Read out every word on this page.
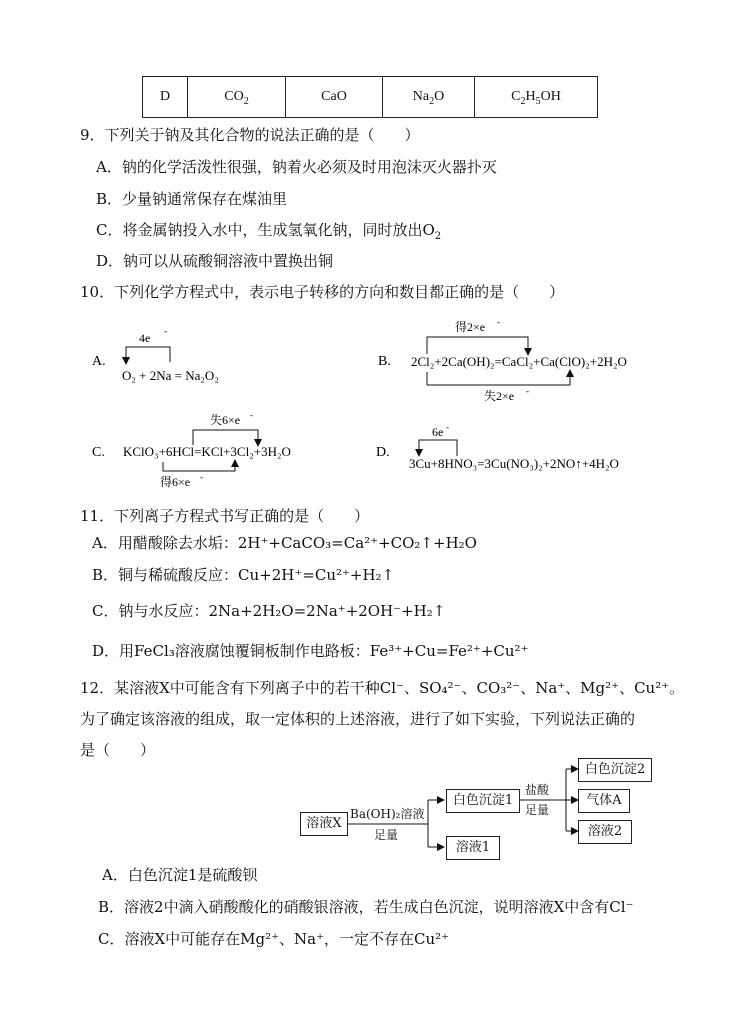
D	$CO_2$	CaO	$Na_2O$	$C_2H_5OH$
9．下列关于钠及其化合物的说法正确的是（　　）
A．钠的化学活泼性很强，钠着火必须及时用泡沫灭火器扑灭
B．少量钠通常保存在煤油里
C．将金属钠投入水中，生成氢氧化钠，同时放出$O_2$
D．钠可以从硫酸铜溶液中置换出铜
10．下列化学方程式中，表示电子转移的方向和数目都正确的是（　　）
A.
4e -
O₂ + 2Na = Na₂O₂
B.
得2×e -
2Cl₂+2Ca(OH)₂=CaCl₂+Ca(ClO)₂+2H₂O
失2×e -
C.
失6×e -
KClO₃+6HCl=KCl+3Cl₂+3H₂O
得6×e -
D.
6e -
3Cu+8HNO₃=3Cu(NO₃)₂+2NO↑+4H₂O
11．下列离子方程式书写正确的是（　　）
A．用醋酸除去水垢：2H⁺+CaCO₃=Ca²⁺+CO₂↑+H₂O
B．铜与稀硫酸反应：Cu+2H⁺=Cu²⁺+H₂↑
C．钠与水反应：2Na+2H₂O=2Na⁺+2OH⁻+H₂↑
D．用FeCl₃溶液腐蚀覆铜板制作电路板：Fe³⁺+Cu=Fe²⁺+Cu²⁺
12．某溶液X中可能含有下列离子中的若干种Cl⁻、SO₄²⁻、CO₃²⁻、Na⁺、Mg²⁺、Cu²⁺。
为了确定该溶液的组成，取一定体积的上述溶液，进行了如下实验，下列说法正确的
是（　　）
溶液X
Ba(OH)₂溶液
足量
白色沉淀1
溶液1
盐酸
足量
白色沉淀2
气体A
溶液2
A．白色沉淀1是硫酸钡
B．溶液2中滴入硝酸酸化的硝酸银溶液，若生成白色沉淀，说明溶液X中含有Cl⁻
C．溶液X中可能存在Mg²⁺、Na⁺，一定不存在Cu²⁺
